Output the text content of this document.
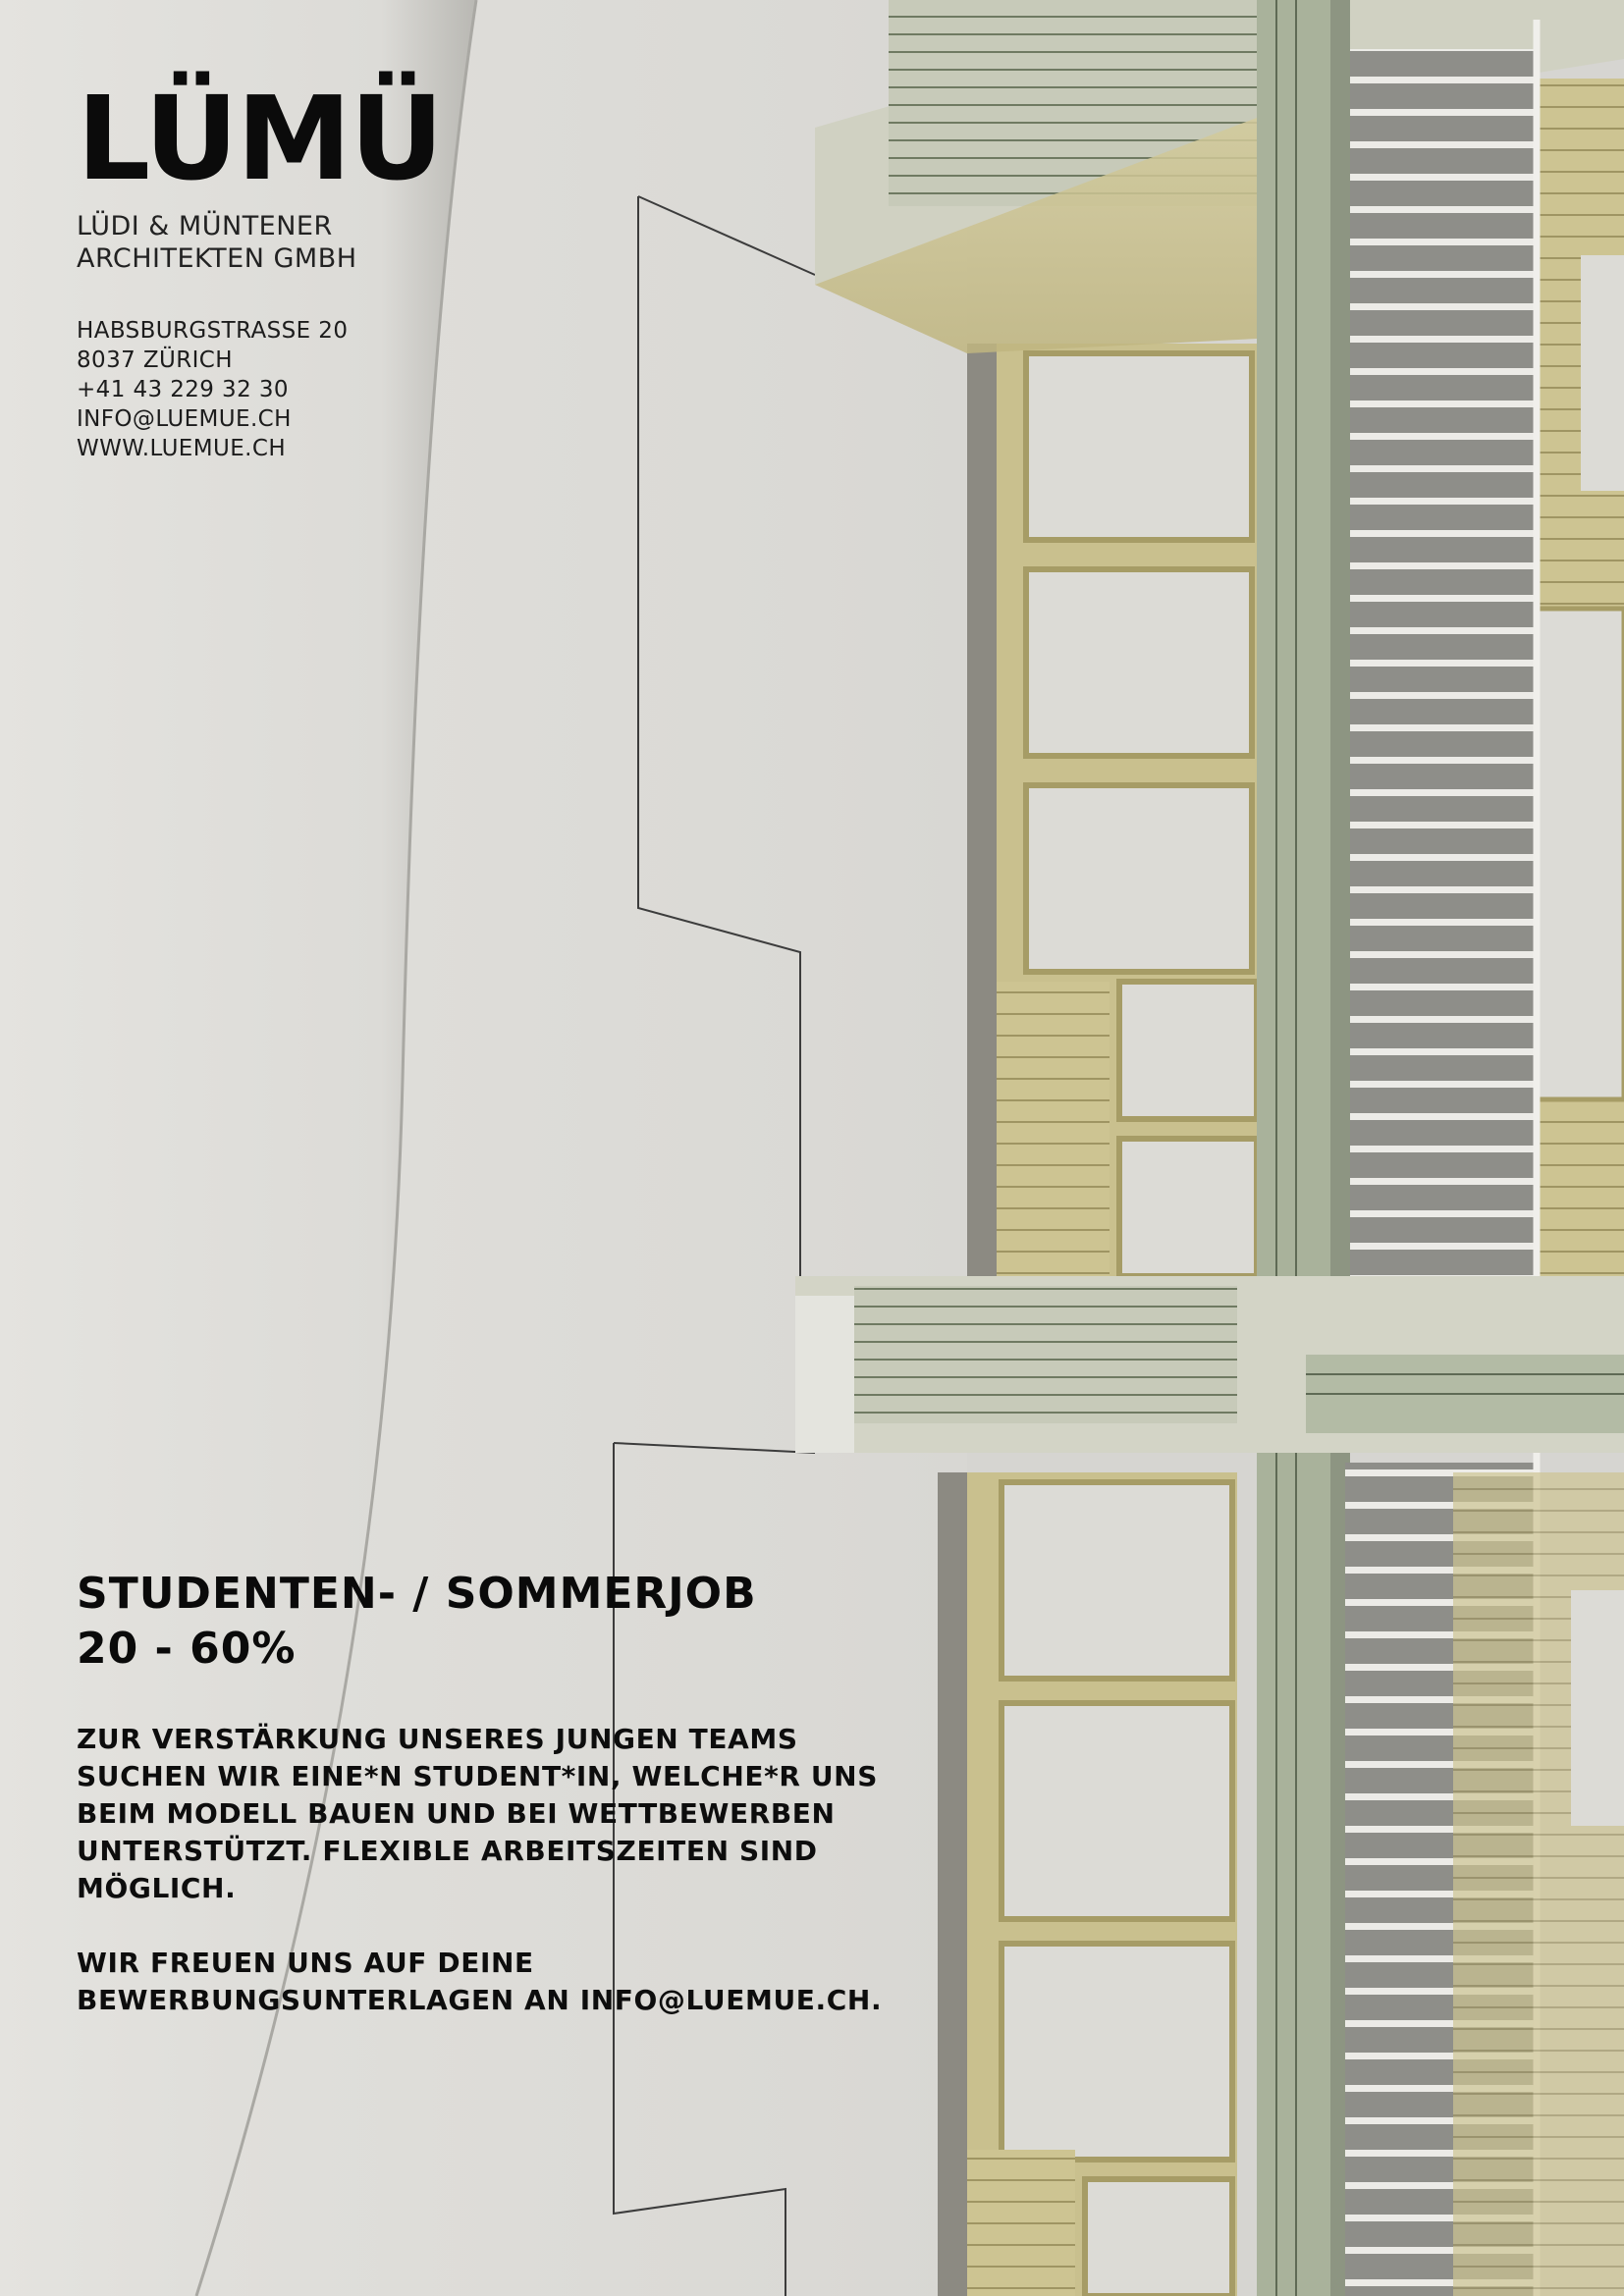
LÜMÜ
LÜDI & MÜNTENER
ARCHITEKTEN GMBH
HABSBURGSTRASSE 20
8037 ZÜRICH
+41 43 229 32 30
INFO@LUEMUE.CH
WWW.LUEMUE.CH
STUDENTEN- / SOMMERJOB
20 - 60%

ZUR VERSTÄRKUNG UNSERES JUNGEN TEAMS
SUCHEN WIR EINE*N STUDENT*IN, WELCHE*R UNS
BEIM MODELL BAUEN UND BEI WETTBEWERBEN
UNTERSTÜTZT. FLEXIBLE ARBEITSZEITEN SIND
MÖGLICH.

WIR FREUEN UNS AUF DEINE
BEWERBUNGSUNTERLAGEN AN INFO@LUEMUE.CH.
